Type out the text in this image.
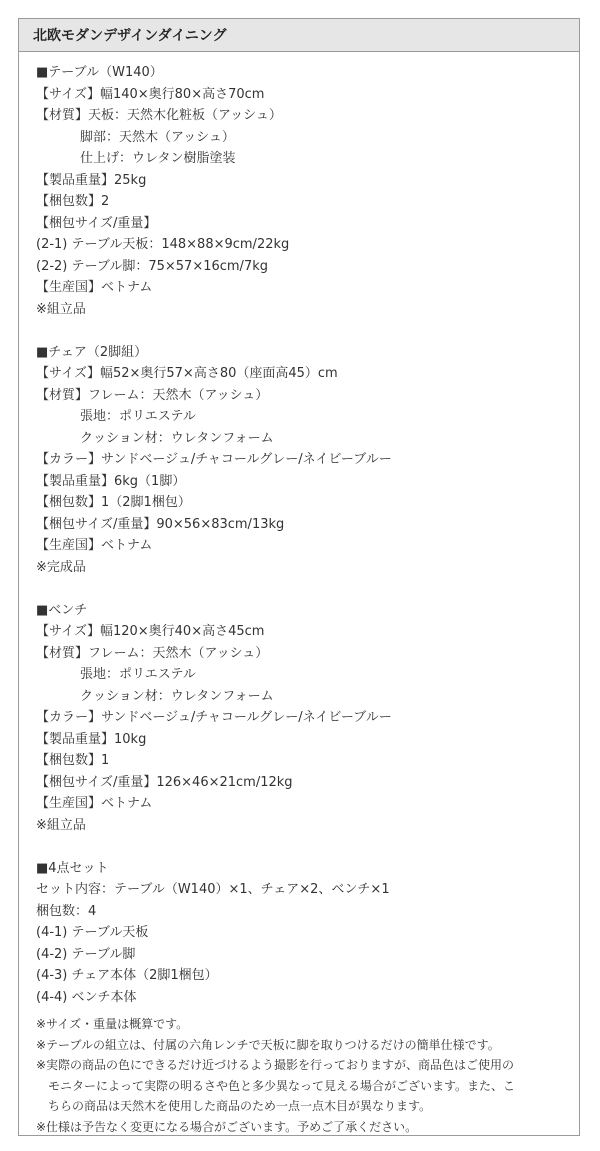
北欧モダンデザインダイニング
■テーブル（W140）
【サイズ】幅140×奥行80×高さ70cm
【材質】天板：天然木化粧板（アッシュ）
脚部：天然木（アッシュ）
仕上げ：ウレタン樹脂塗装
【製品重量】25kg
【梱包数】2
【梱包サイズ/重量】
(2-1) テーブル天板：148×88×9cm/22kg
(2-2) テーブル脚：75×57×16cm/7kg
【生産国】ベトナム
※組立品
■チェア（2脚組）
【サイズ】幅52×奥行57×高さ80（座面高45）cm
【材質】フレーム：天然木（アッシュ）
張地：ポリエステル
クッション材：ウレタンフォーム
【カラー】サンドベージュ/チャコールグレー/ネイビーブルー
【製品重量】6kg（1脚）
【梱包数】1（2脚1梱包）
【梱包サイズ/重量】90×56×83cm/13kg
【生産国】ベトナム
※完成品
■ベンチ
【サイズ】幅120×奥行40×高さ45cm
【材質】フレーム：天然木（アッシュ）
張地：ポリエステル
クッション材：ウレタンフォーム
【カラー】サンドベージュ/チャコールグレー/ネイビーブルー
【製品重量】10kg
【梱包数】1
【梱包サイズ/重量】126×46×21cm/12kg
【生産国】ベトナム
※組立品
■4点セット
セット内容：テーブル（W140）×1、チェア×2、ベンチ×1
梱包数：4
(4-1) テーブル天板
(4-2) テーブル脚
(4-3) チェア本体（2脚1梱包）
(4-4) ベンチ本体
※サイズ・重量は概算です。
※テーブルの組立は、付属の六角レンチで天板に脚を取りつけるだけの簡単仕様です。
※実際の商品の色にできるだけ近づけるよう撮影を行っておりますが、商品色はご使用の
モニターによって実際の明るさや色と多少異なって見える場合がございます。また、こ
ちらの商品は天然木を使用した商品のため一点一点木目が異なります。
※仕様は予告なく変更になる場合がございます。予めご了承ください。
